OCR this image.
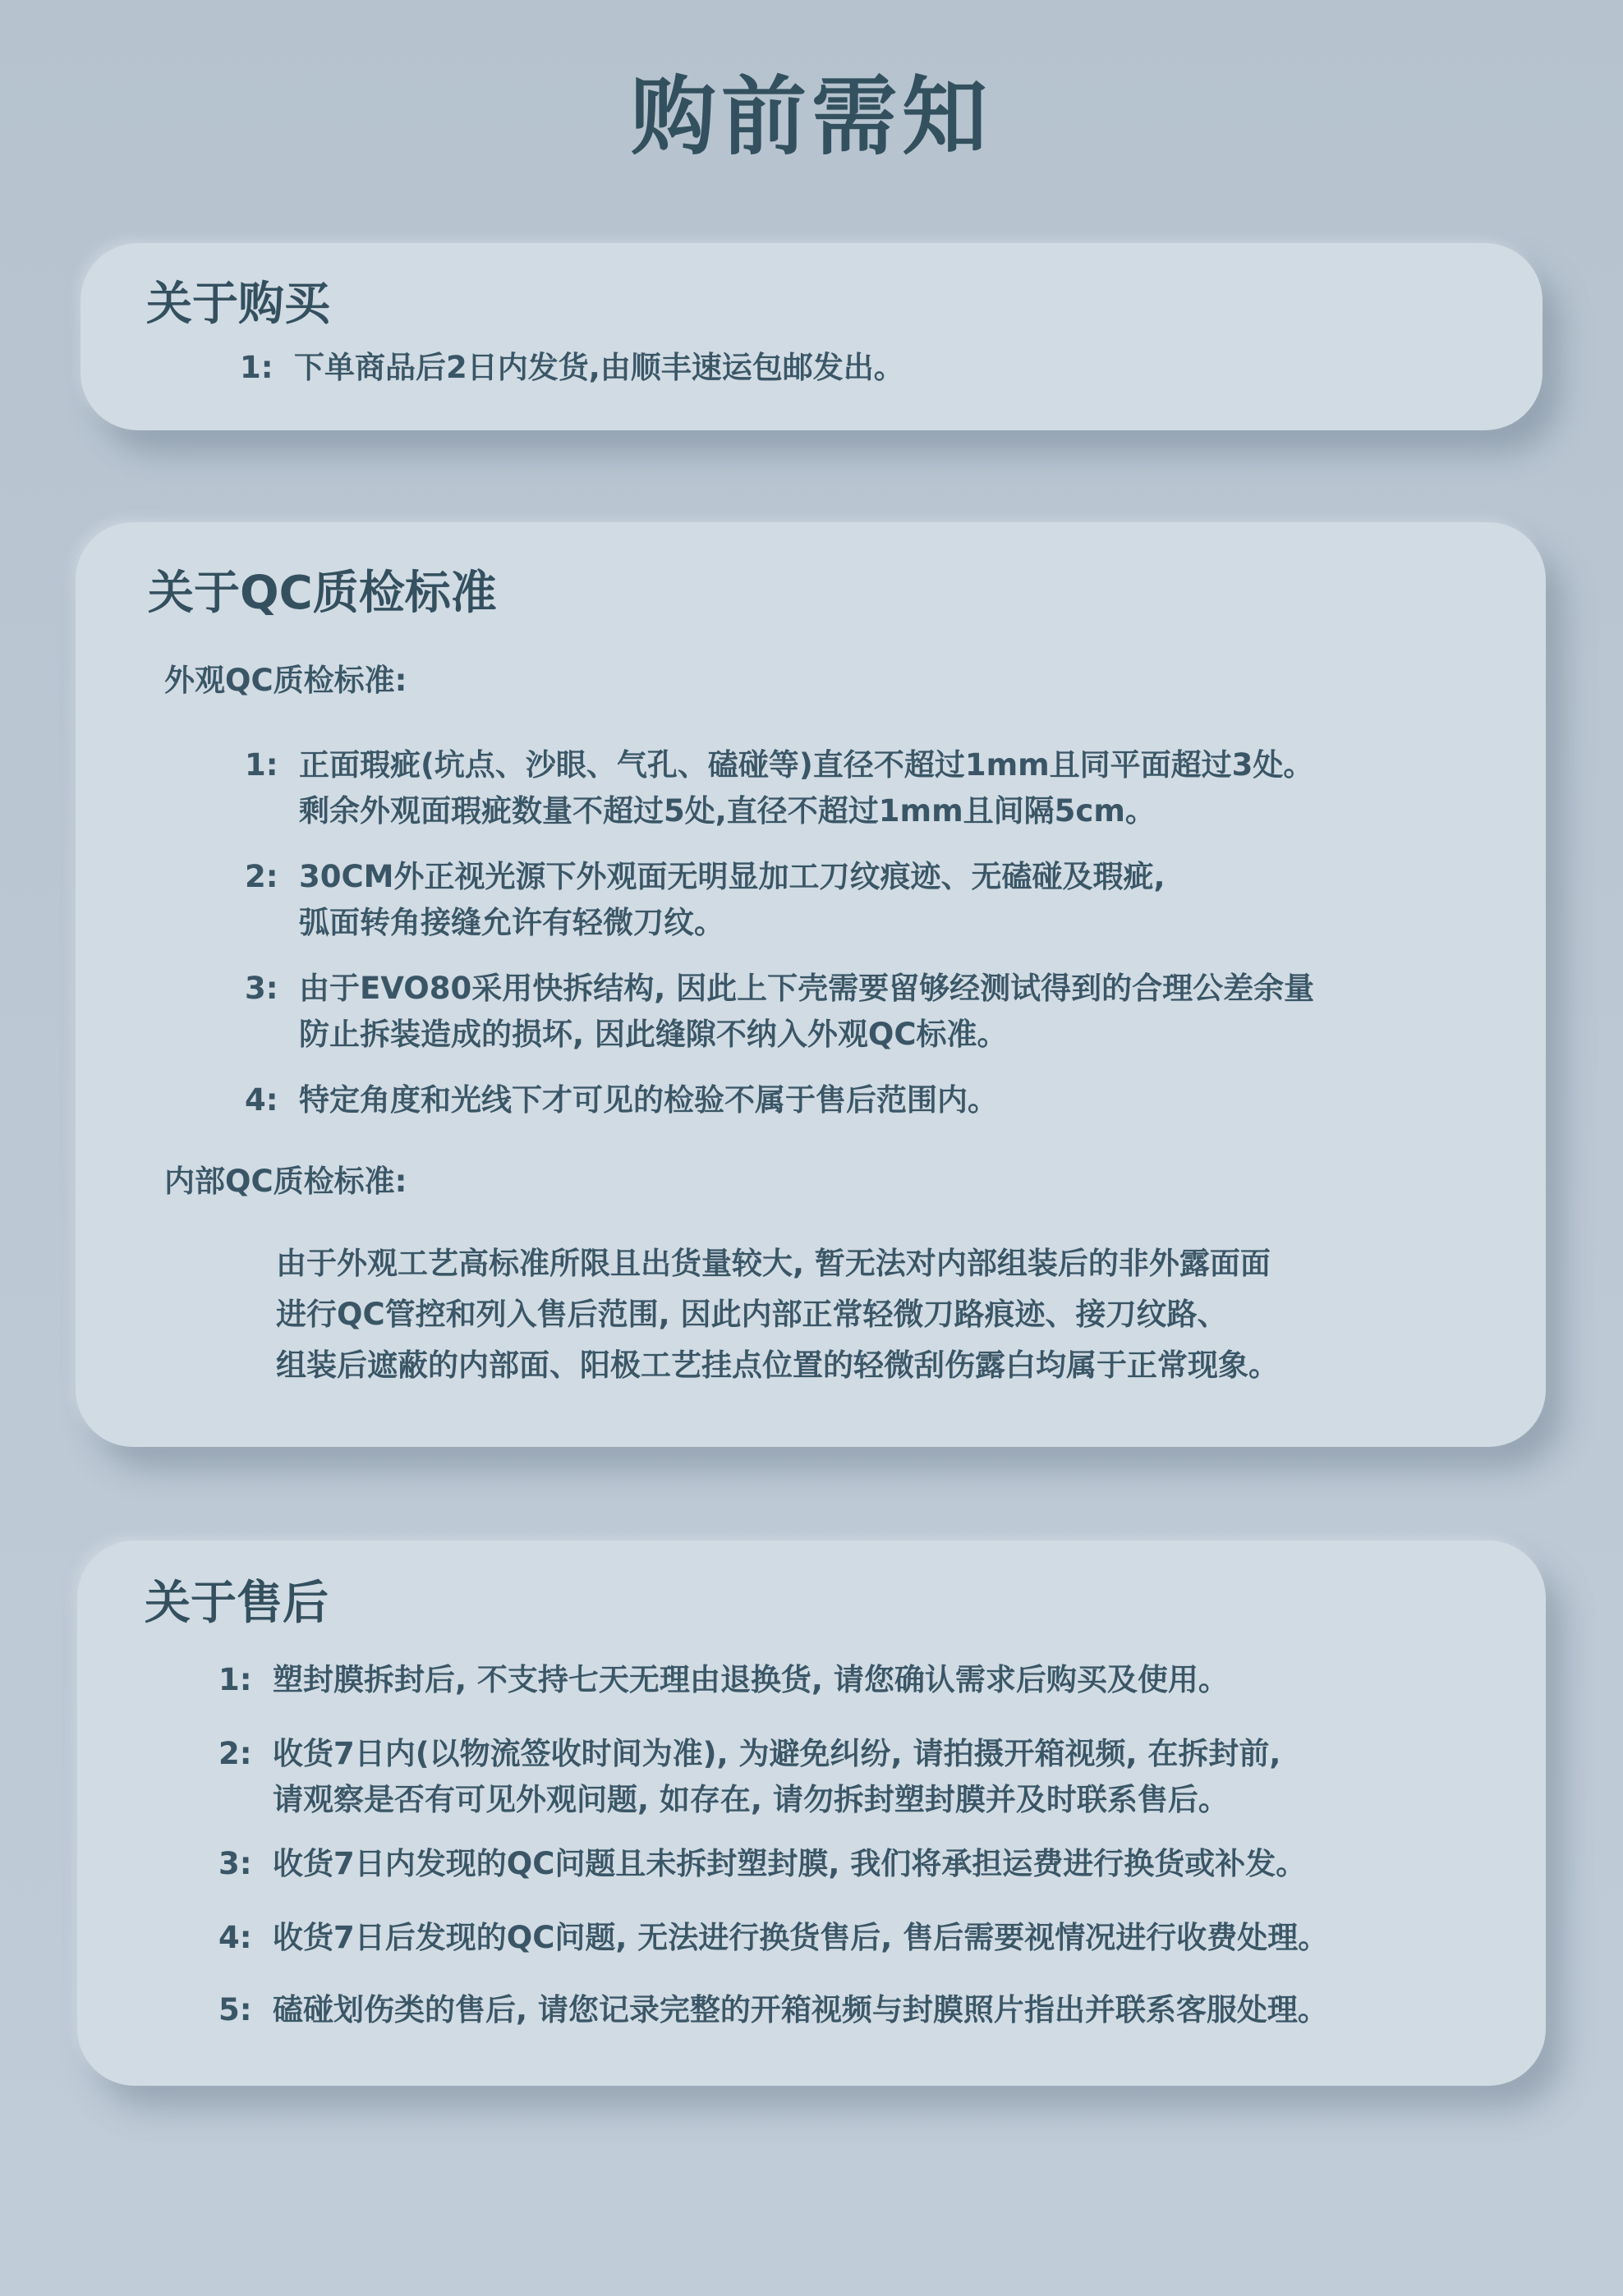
购前需知
关于购买
1: 下单商品后2日内发货,由顺丰速运包邮发出。
关于QC质检标准
外观QC质检标准:
1: 正面瑕疵(坑点、沙眼、气孔、磕碰等)直径不超过1mm且同平面超过3处。
剩余外观面瑕疵数量不超过5处,直径不超过1mm且间隔5cm。
2: 30CM外正视光源下外观面无明显加工刀纹痕迹、无磕碰及瑕疵,
弧面转角接缝允许有轻微刀纹。
3: 由于EVO80采用快拆结构, 因此上下壳需要留够经测试得到的合理公差余量
防止拆装造成的损坏, 因此缝隙不纳入外观QC标准。
4: 特定角度和光线下才可见的检验不属于售后范围内。
内部QC质检标准:
由于外观工艺高标准所限且出货量较大, 暂无法对内部组装后的非外露面面
进行QC管控和列入售后范围, 因此内部正常轻微刀路痕迹、接刀纹路、
组装后遮蔽的内部面、阳极工艺挂点位置的轻微刮伤露白均属于正常现象。
关于售后
1: 塑封膜拆封后, 不支持七天无理由退换货, 请您确认需求后购买及使用。
2: 收货7日内(以物流签收时间为准), 为避免纠纷, 请拍摄开箱视频, 在拆封前,
请观察是否有可见外观问题, 如存在, 请勿拆封塑封膜并及时联系售后。
3: 收货7日内发现的QC问题且未拆封塑封膜, 我们将承担运费进行换货或补发。
4: 收货7日后发现的QC问题, 无法进行换货售后, 售后需要视情况进行收费处理。
5: 磕碰划伤类的售后, 请您记录完整的开箱视频与封膜照片指出并联系客服处理。
